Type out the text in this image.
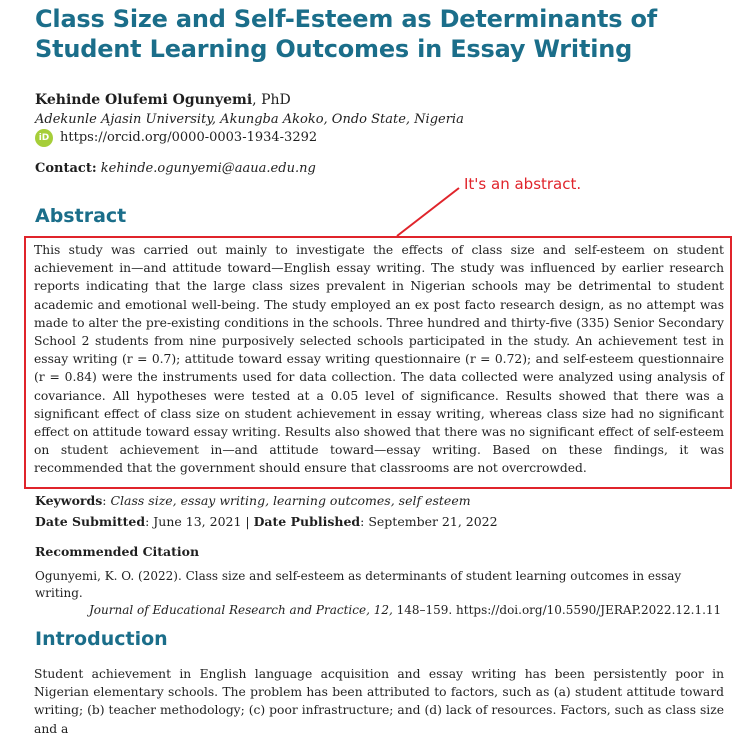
Class Size and Self-Esteem as Determinants of Student Learning Outcomes in Essay Writing
Kehinde Olufemi Ogunyemi, PhD
Adekunle Ajasin University, Akungba Akoko, Ondo State, Nigeria
iD https://orcid.org/0000-0003-1934-3292
Contact: kehinde.ogunyemi@aaua.edu.ng
It's an abstract.
Abstract

This study was carried out mainly to investigate the effects of class size and self-esteem on student achievement in—and attitude toward—English essay writing. The study was influenced by earlier research reports indicating that the large class sizes prevalent in Nigerian schools may be detrimental to student academic and emotional well-being. The study employed an ex post facto research design, as no attempt was made to alter the pre-existing conditions in the schools. Three hundred and thirty-five (335) Senior Secondary School 2 students from nine purposively selected schools participated in the study. An achievement test in essay writing (r = 0.7); attitude toward essay writing questionnaire (r = 0.72); and self-esteem questionnaire (r = 0.84) were the instruments used for data collection. The data collected were analyzed using analysis of covariance. All hypotheses were tested at a 0.05 level of significance. Results showed that there was a significant effect of class size on student achievement in essay writing, whereas class size had no significant effect on attitude toward essay writing. Results also showed that there was no significant effect of self-esteem on student achievement in—and attitude toward—essay writing. Based on these findings, it was recommended that the government should ensure that classrooms are not overcrowded.

Keywords: Class size, essay writing, learning outcomes, self esteem
Date Submitted: June 13, 2021 | Date Published: September 21, 2022
Recommended Citation
Ogunyemi, K. O. (2022). Class size and self-esteem as determinants of student learning outcomes in essay writing.
Journal of Educational Research and Practice, 12, 148–159. https://doi.org/10.5590/JERAP.2022.12.1.11
Introduction

Student achievement in English language acquisition and essay writing has been persistently poor in Nigerian elementary schools. The problem has been attributed to factors, such as (a) student attitude toward writing; (b) teacher methodology; (c) poor infrastructure; and (d) lack of resources. Factors, such as class size and a
